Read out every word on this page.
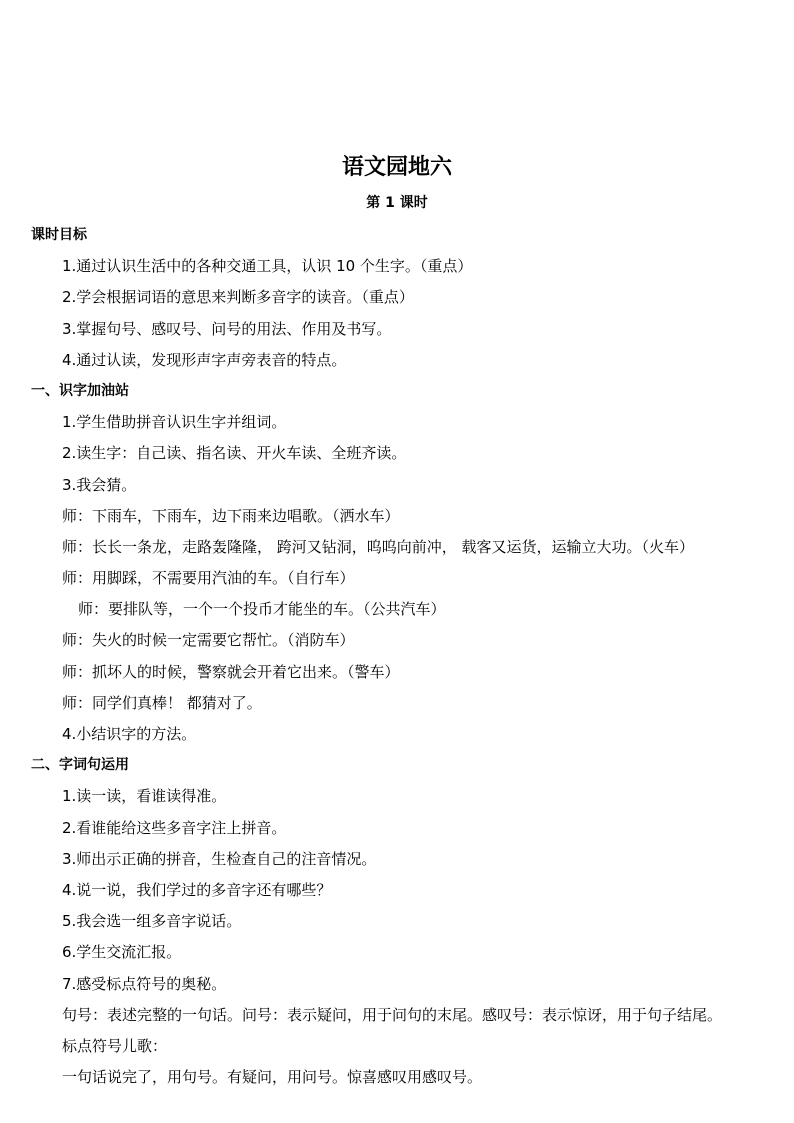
语文园地六
第 1 课时
课时目标
1.通过认识生活中的各种交通工具，认识 10 个生字。（重点）
2.学会根据词语的意思来判断多音字的读音。（重点）
3.掌握句号、感叹号、问号的用法、作用及书写。
4.通过认读，发现形声字声旁表音的特点。
一、识字加油站
1.学生借助拼音认识生字并组词。
2.读生字：自己读、指名读、开火车读、全班齐读。
3.我会猜。
师：下雨车，下雨车，边下雨来边唱歌。（洒水车）
师：长长一条龙，走路轰隆隆， 跨河又钻洞，呜呜向前冲， 载客又运货，运输立大功。（火车）
师：用脚踩，不需要用汽油的车。（自行车）
师：要排队等，一个一个投币才能坐的车。（公共汽车）
师：失火的时候一定需要它帮忙。（消防车）
师：抓坏人的时候，警察就会开着它出来。（警车）
师：同学们真棒！ 都猜对了。
4.小结识字的方法。
二、字词句运用
1.读一读，看谁读得准。
2.看谁能给这些多音字注上拼音。
3.师出示正确的拼音，生检查自己的注音情况。
4.说一说，我们学过的多音字还有哪些？
5.我会选一组多音字说话。
6.学生交流汇报。
7.感受标点符号的奥秘。
句号：表述完整的一句话。问号：表示疑问，用于问句的末尾。感叹号：表示惊讶，用于句子结尾。
标点符号儿歌：
一句话说完了，用句号。有疑问，用问号。惊喜感叹用感叹号。
